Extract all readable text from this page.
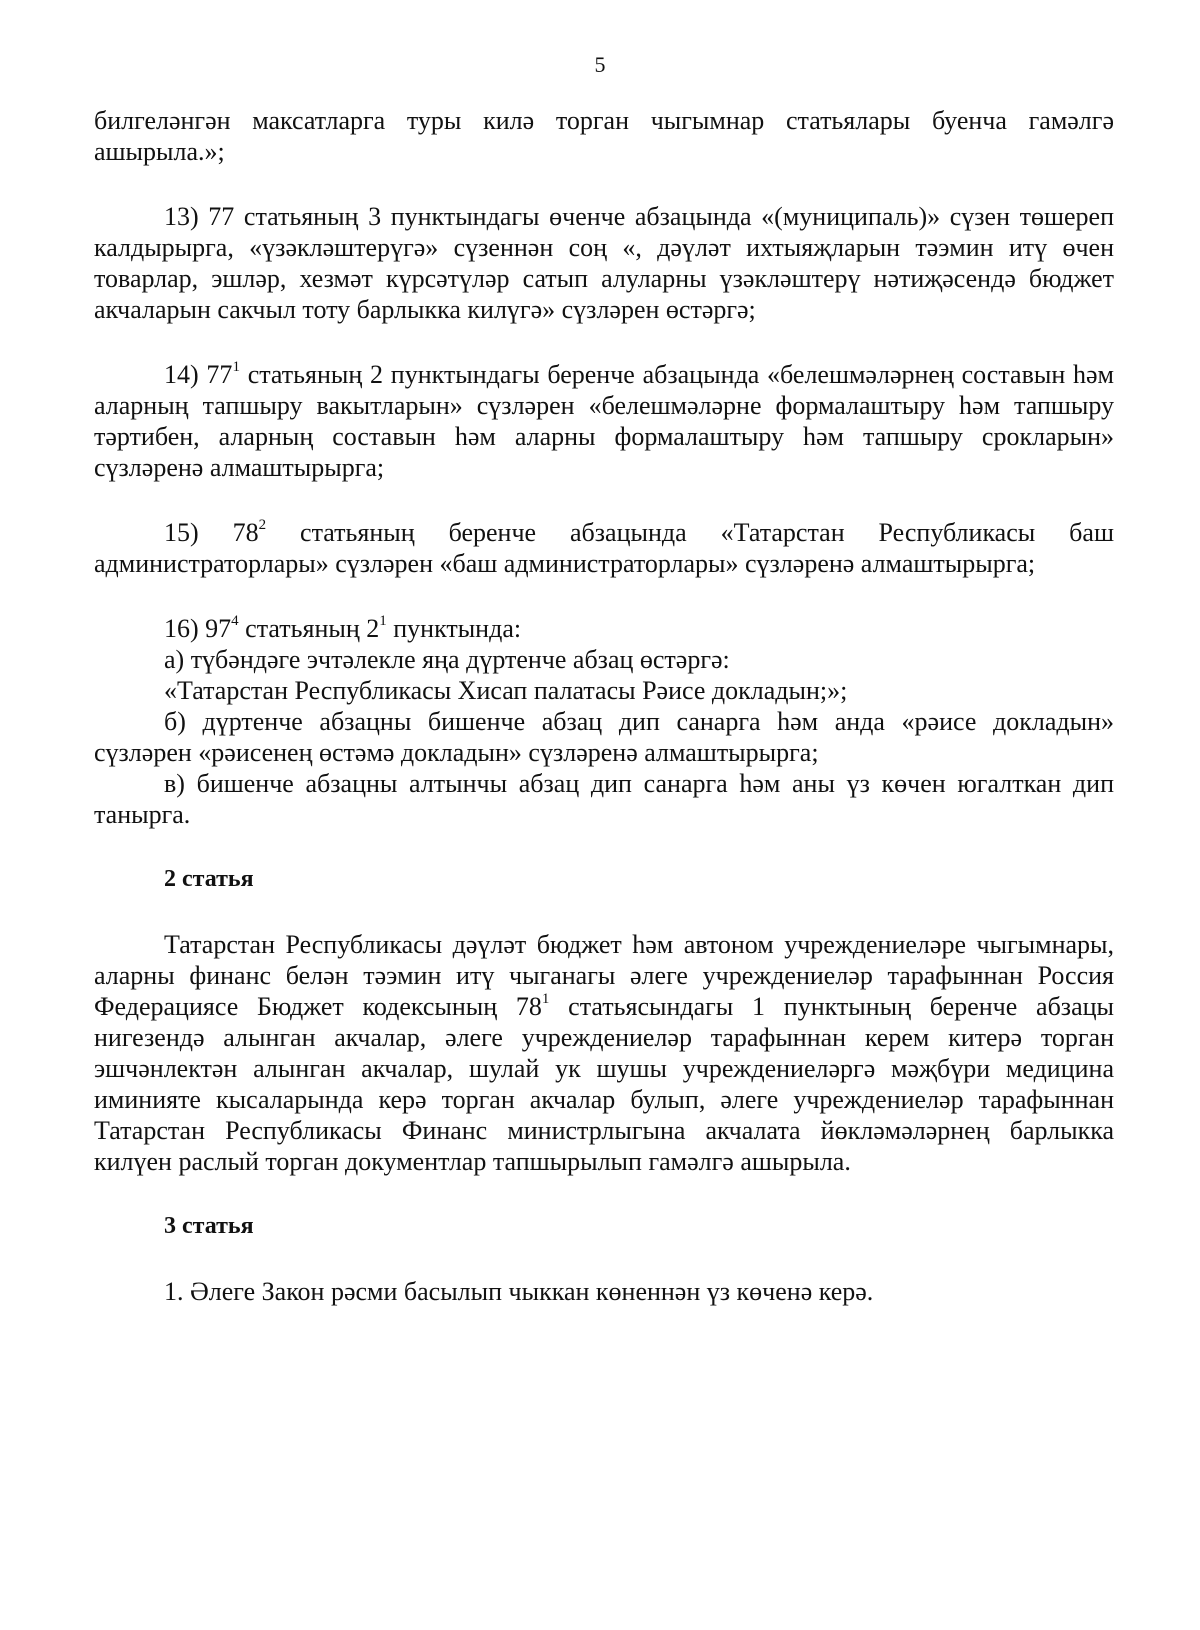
5

билгеләнгән максатларга туры килә торган чыгымнар статьялары буенча гамәлгә ашырыла.»;

13) 77 статьяның 3 пунктындагы өченче абзацында «(муниципаль)» сүзен төшереп калдырырга, «үзәкләштерүгә» сүзеннән соң «, дәүләт ихтыяҗларын тәэмин итү өчен товарлар, эшләр, хезмәт күрсәтүләр сатып алуларны үзәкләштерү нәтиҗәсендә бюджет акчаларын сакчыл тоту барлыкка килүгә» сүзләрен өстәргә;

14) $77^1$ статьяның 2 пунктындагы беренче абзацында «белешмәләрнең составын һәм аларның тапшыру вакытларын» сүзләрен «белешмәләрне формалаштыру һәм тапшыру тәртибен, аларның составын һәм аларны формалаштыру һәм тапшыру срокларын» сүзләренә алмаштырырга;

15) $78^2$ статьяның беренче абзацында «Татарстан Республикасы баш администраторлары» сүзләрен «баш администраторлары» сүзләренә алмаштырырга;

16) $97^4$ статьяның $2^1$ пунктында:

а) түбәндәге эчтәлекле яңа дүртенче абзац өстәргә:

«Татарстан Республикасы Хисап палатасы Рәисе докладын;»;

б) дүртенче абзацны бишенче абзац дип санарга һәм анда «рәисе докладын» сүзләрен «рәисенең өстәмә докладын» сүзләренә алмаштырырга;

в) бишенче абзацны алтынчы абзац дип санарга һәм аны үз көчен югалткан дип танырга.

2 статья

Татарстан Республикасы дәүләт бюджет һәм автоном учреждениеләре чыгымнары, аларны финанс белән тәэмин итү чыганагы әлеге учреждениеләр тарафыннан Россия Федерациясе Бюджет кодексының $78^1$ статьясындагы 1 пунктының беренче абзацы нигезендә алынган акчалар, әлеге учреждениеләр тарафыннан керем китерә торган эшчәнлектән алынган акчалар, шулай ук шушы учреждениеләргә мәҗбүри медицина иминияте кысаларында керә торган акчалар булып, әлеге учреждениеләр тарафыннан Татарстан Республикасы Финанс министрлыгына акчалата йөкләмәләрнең барлыкка килүен раслый торган документлар тапшырылып гамәлгә ашырыла.

3 статья

1. Әлеге Закон рәсми басылып чыккан көненнән үз көченә керә.
